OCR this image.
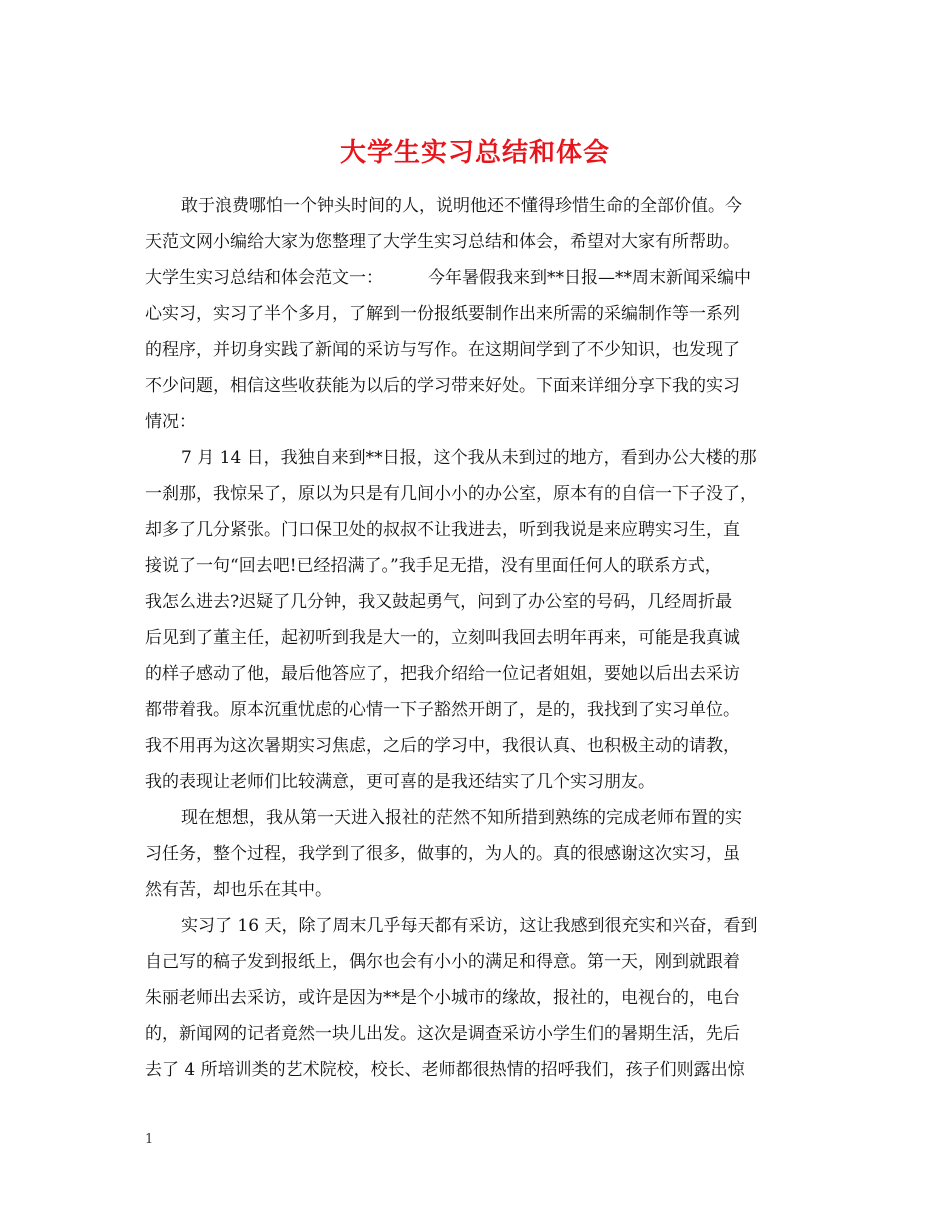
大学生实习总结和体会
敢于浪费哪怕一个钟头时间的人，说明他还不懂得珍惜生命的全部价值。今
天范文网小编给大家为您整理了大学生实习总结和体会，希望对大家有所帮助。
大学生实习总结和体会范文一：	今年暑假我来到**日报—**周末新闻采编中
心实习，实习了半个多月，了解到一份报纸要制作出来所需的采编制作等一系列
的程序，并切身实践了新闻的采访与写作。在这期间学到了不少知识，也发现了
不少问题，相信这些收获能为以后的学习带来好处。下面来详细分享下我的实习
情况：
7 月 14 日，我独自来到**日报，这个我从未到过的地方，看到办公大楼的那
一刹那，我惊呆了，原以为只是有几间小小的办公室，原本有的自信一下子没了，
却多了几分紧张。门口保卫处的叔叔不让我进去，听到我说是来应聘实习生，直
接说了一句“回去吧!已经招满了。”我手足无措，没有里面任何人的联系方式，
我怎么进去?迟疑了几分钟，我又鼓起勇气，问到了办公室的号码，几经周折最
后见到了董主任，起初听到我是大一的，立刻叫我回去明年再来，可能是我真诚
的样子感动了他，最后他答应了，把我介绍给一位记者姐姐，要她以后出去采访
都带着我。原本沉重忧虑的心情一下子豁然开朗了，是的，我找到了实习单位。
我不用再为这次暑期实习焦虑，之后的学习中，我很认真、也积极主动的请教，
我的表现让老师们比较满意，更可喜的是我还结实了几个实习朋友。
现在想想，我从第一天进入报社的茫然不知所措到熟练的完成老师布置的实
习任务，整个过程，我学到了很多，做事的，为人的。真的很感谢这次实习，虽
然有苦，却也乐在其中。
实习了 16 天，除了周末几乎每天都有采访，这让我感到很充实和兴奋，看到
自己写的稿子发到报纸上，偶尔也会有小小的满足和得意。第一天，刚到就跟着
朱丽老师出去采访，或许是因为**是个小城市的缘故，报社的，电视台的，电台
的，新闻网的记者竟然一块儿出发。这次是调查采访小学生们的暑期生活，先后
去了 4 所培训类的艺术院校，校长、老师都很热情的招呼我们，孩子们则露出惊
1
